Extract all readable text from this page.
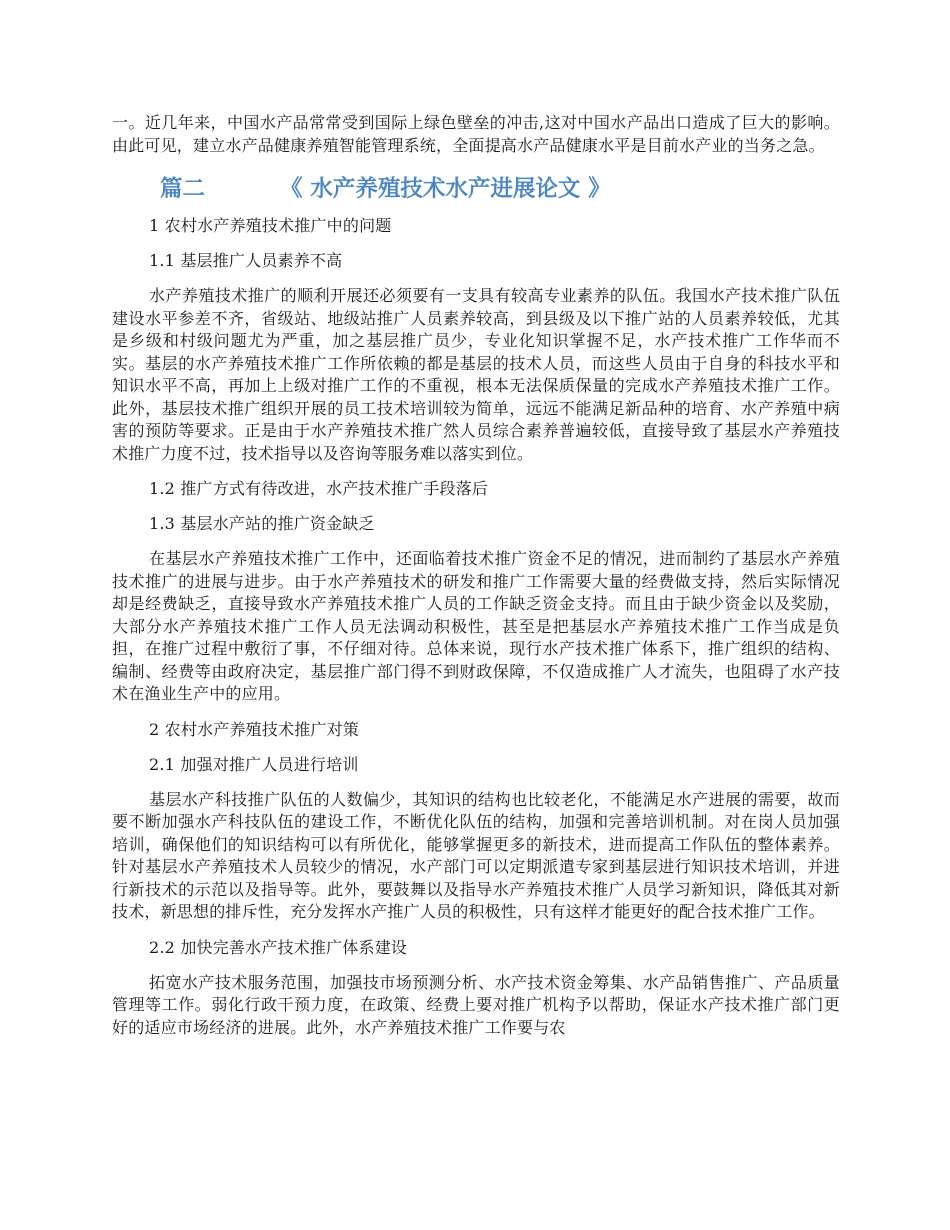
一。近几年来，中国水产品常常受到国际上绿色壁垒的冲击,这对中国水产品出口造成了巨大的影响。由此可见，建立水产品健康养殖智能管理系统，全面提高水产品健康水平是目前水产业的当务之急。

篇二	《 水产养殖技术水产进展论文 》

1 农村水产养殖技术推广中的问题

1.1 基层推广人员素养不高

水产养殖技术推广的顺利开展还必须要有一支具有较高专业素养的队伍。我国水产技术推广队伍建设水平参差不齐，省级站、地级站推广人员素养较高，到县级及以下推广站的人员素养较低，尤其是乡级和村级问题尤为严重，加之基层推广员少，专业化知识掌握不足，水产技术推广工作华而不实。基层的水产养殖技术推广工作所依赖的都是基层的技术人员，而这些人员由于自身的科技水平和知识水平不高，再加上上级对推广工作的不重视，根本无法保质保量的完成水产养殖技术推广工作。此外，基层技术推广组织开展的员工技术培训较为简单，远远不能满足新品种的培育、水产养殖中病害的预防等要求。正是由于水产养殖技术推广然人员综合素养普遍较低，直接导致了基层水产养殖技术推广力度不过，技术指导以及咨询等服务难以落实到位。

1.2 推广方式有待改进，水产技术推广手段落后

1.3 基层水产站的推广资金缺乏

在基层水产养殖技术推广工作中，还面临着技术推广资金不足的情况，进而制约了基层水产养殖技术推广的进展与进步。由于水产养殖技术的研发和推广工作需要大量的经费做支持，然后实际情况却是经费缺乏，直接导致水产养殖技术推广人员的工作缺乏资金支持。而且由于缺少资金以及奖励，大部分水产养殖技术推广工作人员无法调动积极性，甚至是把基层水产养殖技术推广工作当成是负担，在推广过程中敷衍了事，不仔细对待。总体来说，现行水产技术推广体系下，推广组织的结构、编制、经费等由政府决定，基层推广部门得不到财政保障，不仅造成推广人才流失，也阻碍了水产技术在渔业生产中的应用。

2 农村水产养殖技术推广对策

2.1 加强对推广人员进行培训

基层水产科技推广队伍的人数偏少，其知识的结构也比较老化，不能满足水产进展的需要，故而要不断加强水产科技队伍的建设工作，不断优化队伍的结构，加强和完善培训机制。对在岗人员加强培训，确保他们的知识结构可以有所优化，能够掌握更多的新技术，进而提高工作队伍的整体素养。针对基层水产养殖技术人员较少的情况，水产部门可以定期派遣专家到基层进行知识技术培训，并进行新技术的示范以及指导等。此外，要鼓舞以及指导水产养殖技术推广人员学习新知识，降低其对新技术，新思想的排斥性，充分发挥水产推广人员的积极性，只有这样才能更好的配合技术推广工作。

2.2 加快完善水产技术推广体系建设

拓宽水产技术服务范围，加强技市场预测分析、水产技术资金筹集、水产品销售推广、产品质量管理等工作。弱化行政干预力度，在政策、经费上要对推广机构予以帮助，保证水产技术推广部门更好的适应市场经济的进展。此外，水产养殖技术推广工作要与农
